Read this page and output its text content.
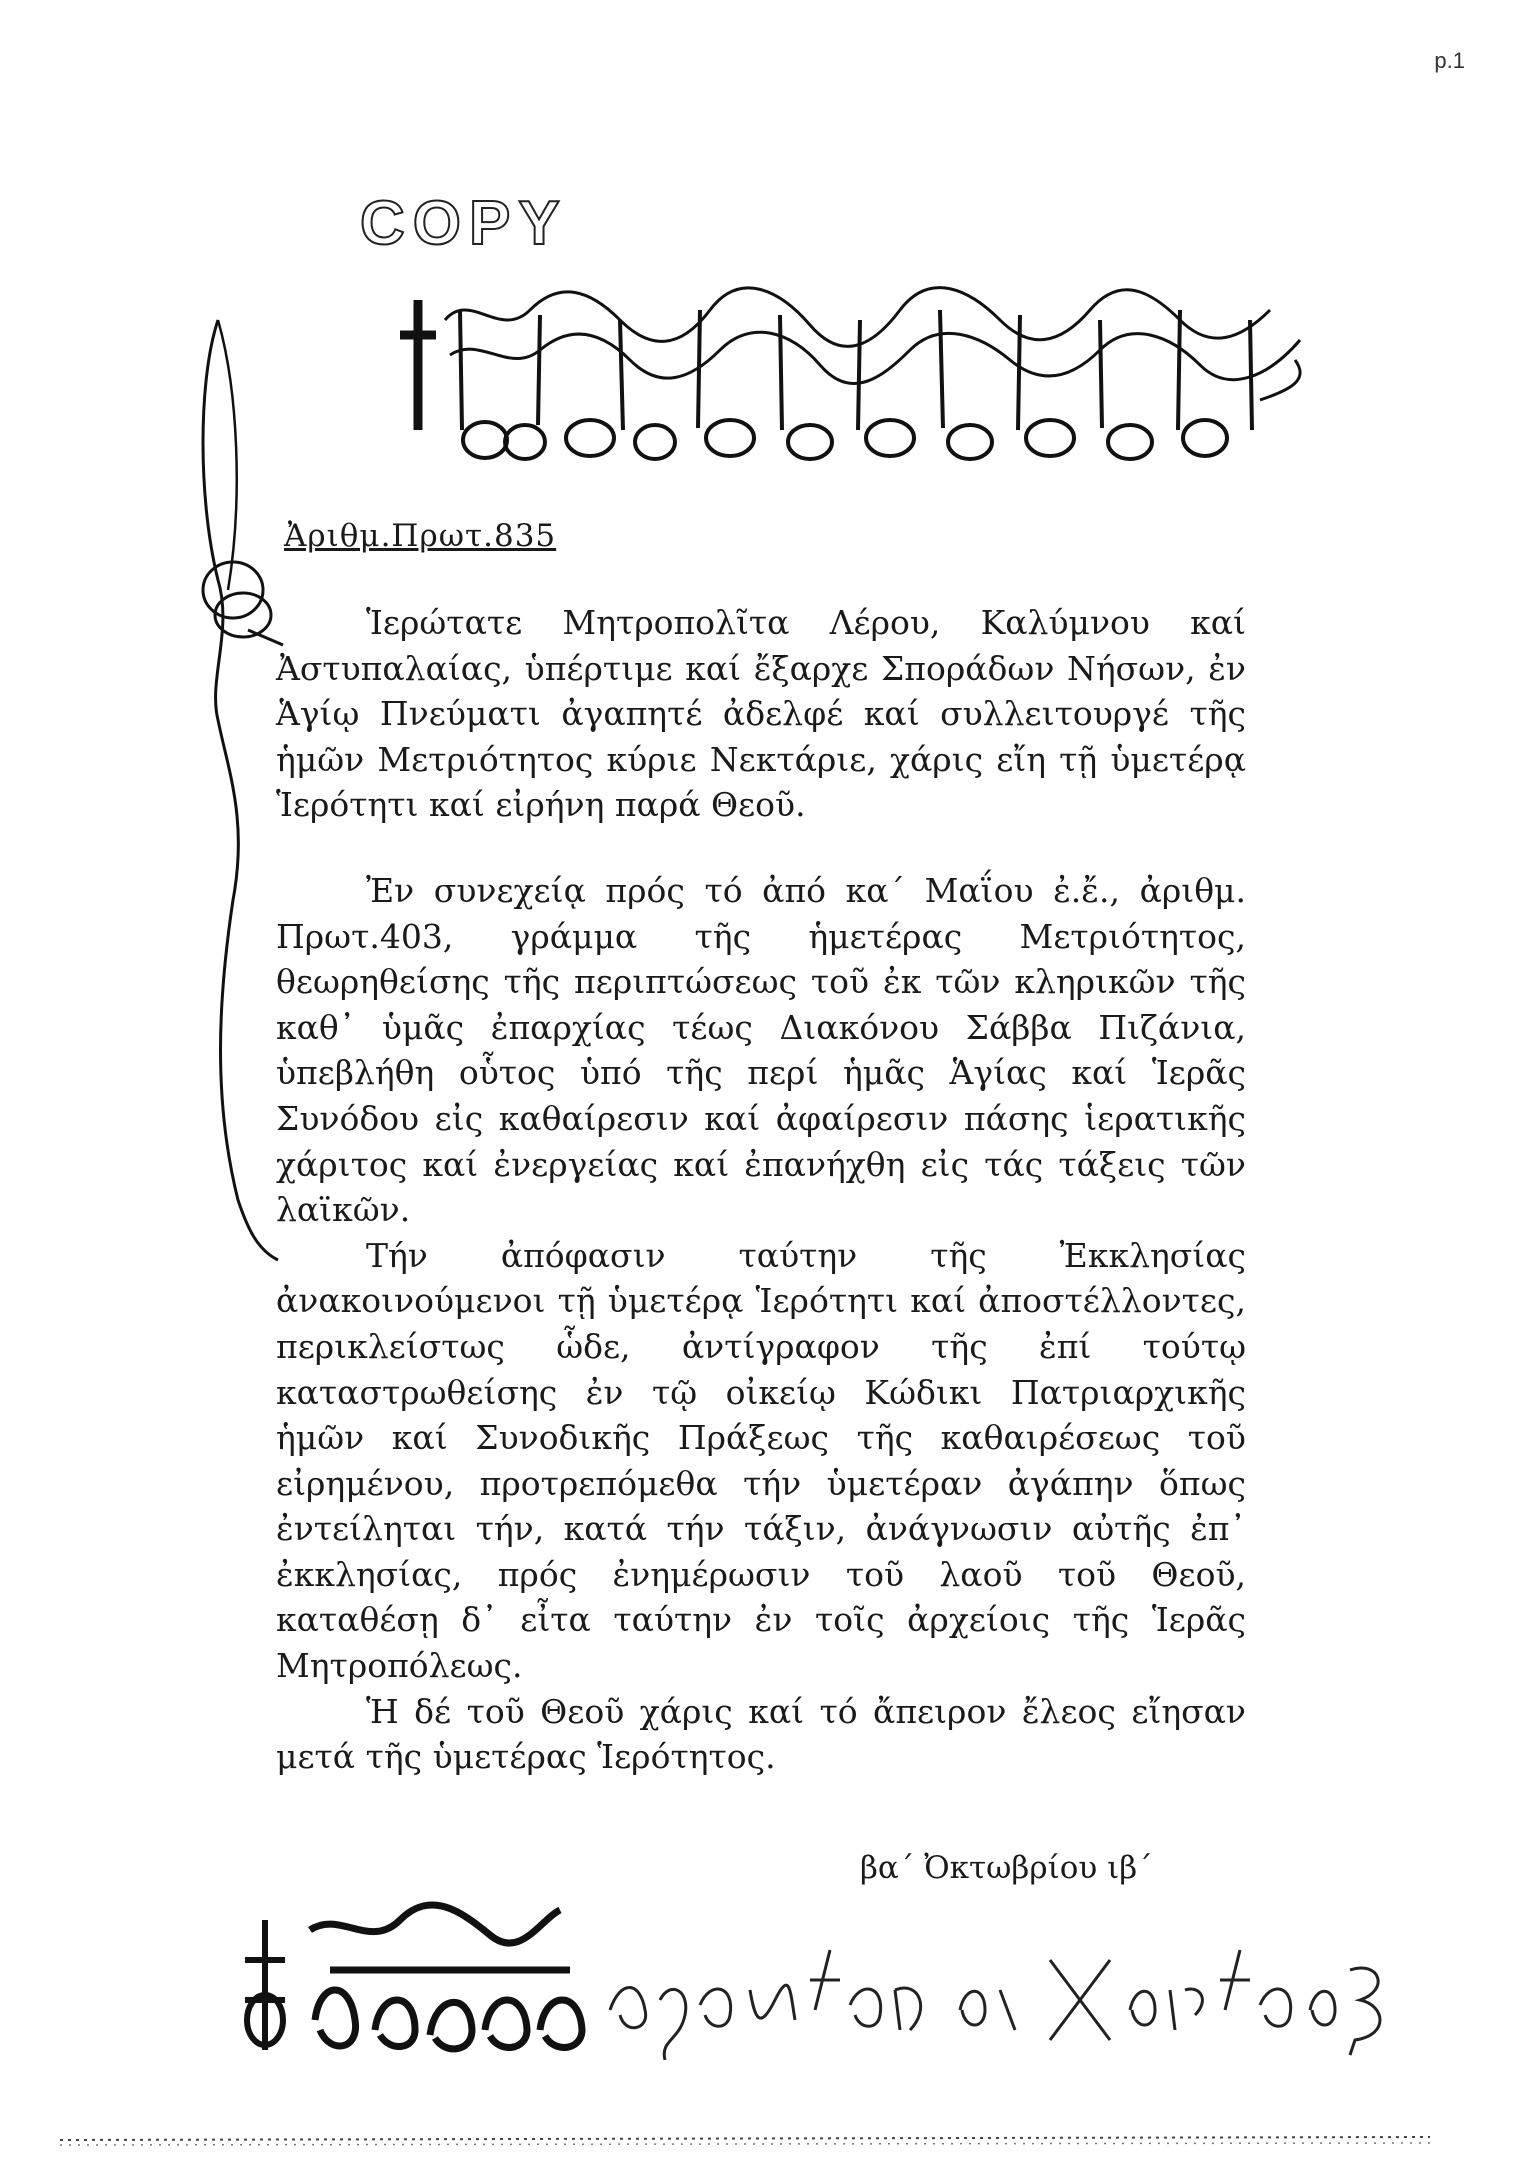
p.1
COPY
Ἀριθμ.Πρωτ.835

Ἱερώτατε Μητροπολῖτα Λέρου, Καλύμνου καί Ἀστυπαλαίας, ὑπέρτιμε καί ἔξαρχε Σποράδων Νήσων, ἐν Ἁγίῳ Πνεύματι ἀγαπητέ ἀδελφέ καί συλλειτουργέ τῆς ἡμῶν Μετριότητος κύριε Νεκτάριε, χάρις εἴη τῇ ὑμετέρᾳ Ἱερότητι καί εἰρήνη παρά Θεοῦ.

Ἐν συνεχείᾳ πρός τό ἀπό κα΄ Μαΐου ἐ.ἔ., ἀριθμ. Πρωτ.403, γράμμα τῆς ἡμετέρας Μετριότητος, θεωρηθείσης τῆς περιπτώσεως τοῦ ἐκ τῶν κληρικῶν τῆς καθ᾽ ὑμᾶς ἐπαρχίας τέως Διακόνου Σάββα Πιζάνια, ὑπεβλήθη οὗτος ὑπό τῆς περί ἡμᾶς Ἁγίας καί Ἱερᾶς Συνόδου εἰς καθαίρεσιν καί ἀφαίρεσιν πάσης ἱερατικῆς χάριτος καί ἐνεργείας καί ἐπανήχθη εἰς τάς τάξεις τῶν λαϊκῶν.

Τήν ἀπόφασιν ταύτην τῆς Ἐκκλησίας ἀνακοινούμενοι τῇ ὑμετέρᾳ Ἱερότητι καί ἀποστέλλοντες, περικλείστως ὧδε, ἀντίγραφον τῆς ἐπί τούτῳ καταστρωθείσης ἐν τῷ οἰκείῳ Κώδικι Πατριαρχικῆς ἡμῶν καί Συνοδικῆς Πράξεως τῆς καθαιρέσεως τοῦ εἰρημένου, προτρεπόμεθα τήν ὑμετέραν ἀγάπην ὅπως ἐντείληται τήν, κατά τήν τάξιν, ἀνάγνωσιν αὐτῆς ἐπ᾽ ἐκκλησίας, πρός ἐνημέρωσιν τοῦ λαοῦ τοῦ Θεοῦ, καταθέσῃ δ᾽ εἶτα ταύτην ἐν τοῖς ἀρχείοις τῆς Ἱερᾶς Μητροπόλεως.

Ἡ δέ τοῦ Θεοῦ χάρις καί τό ἄπειρον ἔλεος εἴησαν μετά τῆς ὑμετέρας Ἱερότητος.

βα΄ Ὀκτωβρίου ιβ΄
